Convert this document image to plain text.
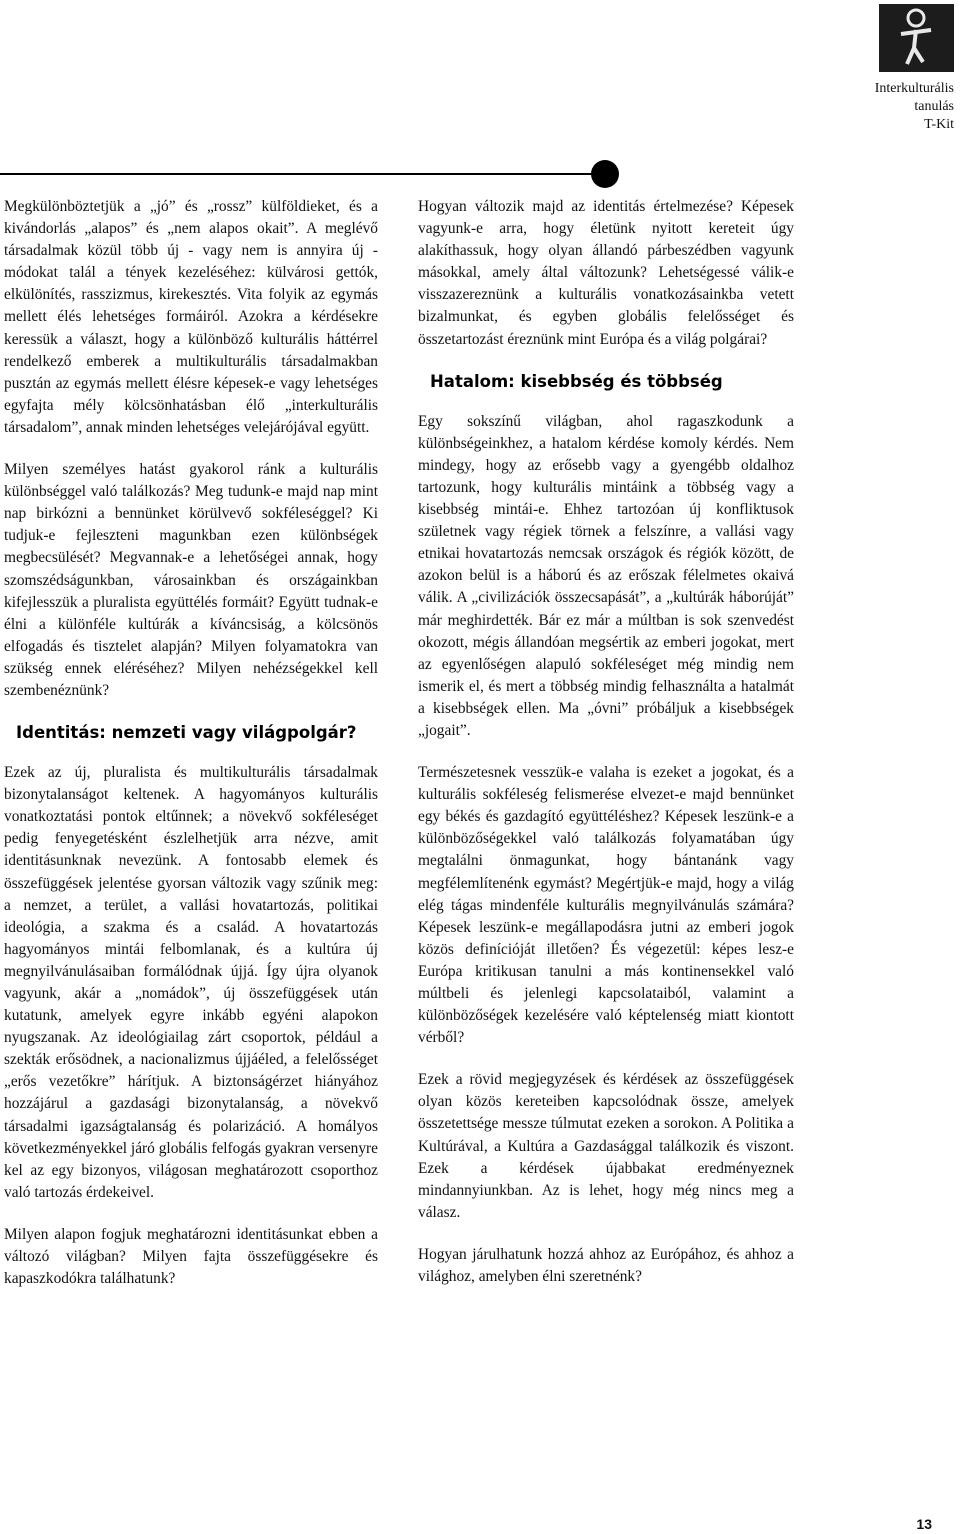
Interkulturális
tanulás
T-Kit

Megkülönböztetjük a „jó” és „rossz” külföldieket, és a kivándorlás „alapos” és „nem alapos okait”. A meglévő társadalmak közül több új - vagy nem is annyira új - módokat talál a tények kezeléséhez: külvárosi gettók, elkülönítés, rasszizmus, kirekesztés. Vita folyik az egymás mellett élés lehetséges formáiról. Azokra a kérdésekre keressük a választ, hogy a különböző kulturális háttérrel rendelkező emberek a multikulturális társadalmakban pusztán az egymás mellett élésre képesek-e vagy lehetséges egyfajta mély kölcsönhatásban élő „interkulturális társadalom”, annak minden lehetséges velejárójával együtt.

Milyen személyes hatást gyakorol ránk a kulturális különbséggel való találkozás? Meg tudunk-e majd nap mint nap birkózni a bennünket körülvevő sokféleséggel? Ki tudjuk-e fejleszteni magunkban ezen különbségek megbecsülését? Megvannak-e a lehetőségei annak, hogy szomszédságunkban, városainkban és országainkban kifejlesszük a pluralista együttélés formáit? Együtt tudnak-e élni a különféle kultúrák a kíváncsiság, a kölcsönös elfogadás és tisztelet alapján? Milyen folyamatokra van szükség ennek eléréséhez? Milyen nehézségekkel kell szembenéznünk?

Identitás: nemzeti vagy világpolgár?

Ezek az új, pluralista és multikulturális társadalmak bizonytalanságot keltenek. A hagyományos kulturális vonatkoztatási pontok eltűnnek; a növekvő sokféleséget pedig fenyegetésként észlelhetjük arra nézve, amit identitásunknak nevezünk. A fontosabb elemek és összefüggések jelentése gyorsan változik vagy szűnik meg: a nemzet, a terület, a vallási hovatartozás, politikai ideológia, a szakma és a család. A hovatartozás hagyományos mintái felbomlanak, és a kultúra új megnyilvánulásaiban formálódnak újjá. Így újra olyanok vagyunk, akár a „nomádok”, új összefüggések után kutatunk, amelyek egyre inkább egyéni alapokon nyugszanak. Az ideológiailag zárt csoportok, például a szekták erősödnek, a nacionalizmus újjáéled, a felelősséget „erős vezetőkre” hárítjuk. A biztonságérzet hiányához hozzájárul a gazdasági bizonytalanság, a növekvő társadalmi igazságtalanság és polarizáció. A homályos következményekkel járó globális felfogás gyakran versenyre kel az egy bizonyos, világosan meghatározott csoporthoz való tartozás érdekeivel.

Milyen alapon fogjuk meghatározni identitásunkat ebben a változó világban? Milyen fajta összefüggésekre és kapaszkodókra találhatunk?

Hogyan változik majd az identitás értelmezése? Képesek vagyunk-e arra, hogy életünk nyitott kereteit úgy alakíthassuk, hogy olyan állandó párbeszédben vagyunk másokkal, amely által változunk? Lehetségessé válik-e visszazereznünk a kulturális vonatkozásainkba vetett bizalmunkat, és egyben globális felelősséget és összetartozást éreznünk mint Európa és a világ polgárai?

Hatalom: kisebbség és többség

Egy sokszínű világban, ahol ragaszkodunk a különbségeinkhez, a hatalom kérdése komoly kérdés. Nem mindegy, hogy az erősebb vagy a gyengébb oldalhoz tartozunk, hogy kulturális mintáink a többség vagy a kisebbség mintái-e. Ehhez tartozóan új konfliktusok születnek vagy régiek törnek a felszínre, a vallási vagy etnikai hovatartozás nemcsak országok és régiók között, de azokon belül is a háború és az erőszak félelmetes okaivá válik. A „civilizációk összecsapását”, a „kultúrák háborúját” már meghirdették. Bár ez már a múltban is sok szenvedést okozott, mégis állandóan megsértik az emberi jogokat, mert az egyenlőségen alapuló sokféleséget még mindig nem ismerik el, és mert a többség mindig felhasználta a hatalmát a kisebbségek ellen. Ma „óvni” próbáljuk a kisebbségek „jogait”.

Természetesnek vesszük-e valaha is ezeket a jogokat, és a kulturális sokféleség felismerése elvezet-e majd bennünket egy békés és gazdagító együttéléshez? Képesek leszünk-e a különbözőségekkel való találkozás folyamatában úgy megtalálni önmagunkat, hogy bántanánk vagy megfélemlítenénk egymást? Megértjük-e majd, hogy a világ elég tágas mindenféle kulturális megnyilvánulás számára? Képesek leszünk-e megállapodásra jutni az emberi jogok közös definícióját illetően? És végezetül: képes lesz-e Európa kritikusan tanulni a más kontinensekkel való múltbeli és jelenlegi kapcsolataiból, valamint a különbözőségek kezelésére való képtelenség miatt kiontott vérből?

Ezek a rövid megjegyzések és kérdések az összefüggések olyan közös kereteiben kapcsolódnak össze, amelyek összetettsége messze túlmutat ezeken a sorokon. A Politika a Kultúrával, a Kultúra a Gazdasággal találkozik és viszont. Ezek a kérdések újabbakat eredményeznek mindannyiunkban. Az is lehet, hogy még nincs meg a válasz.

Hogyan járulhatunk hozzá ahhoz az Európához, és ahhoz a világhoz, amelyben élni szeretnénk?

13
